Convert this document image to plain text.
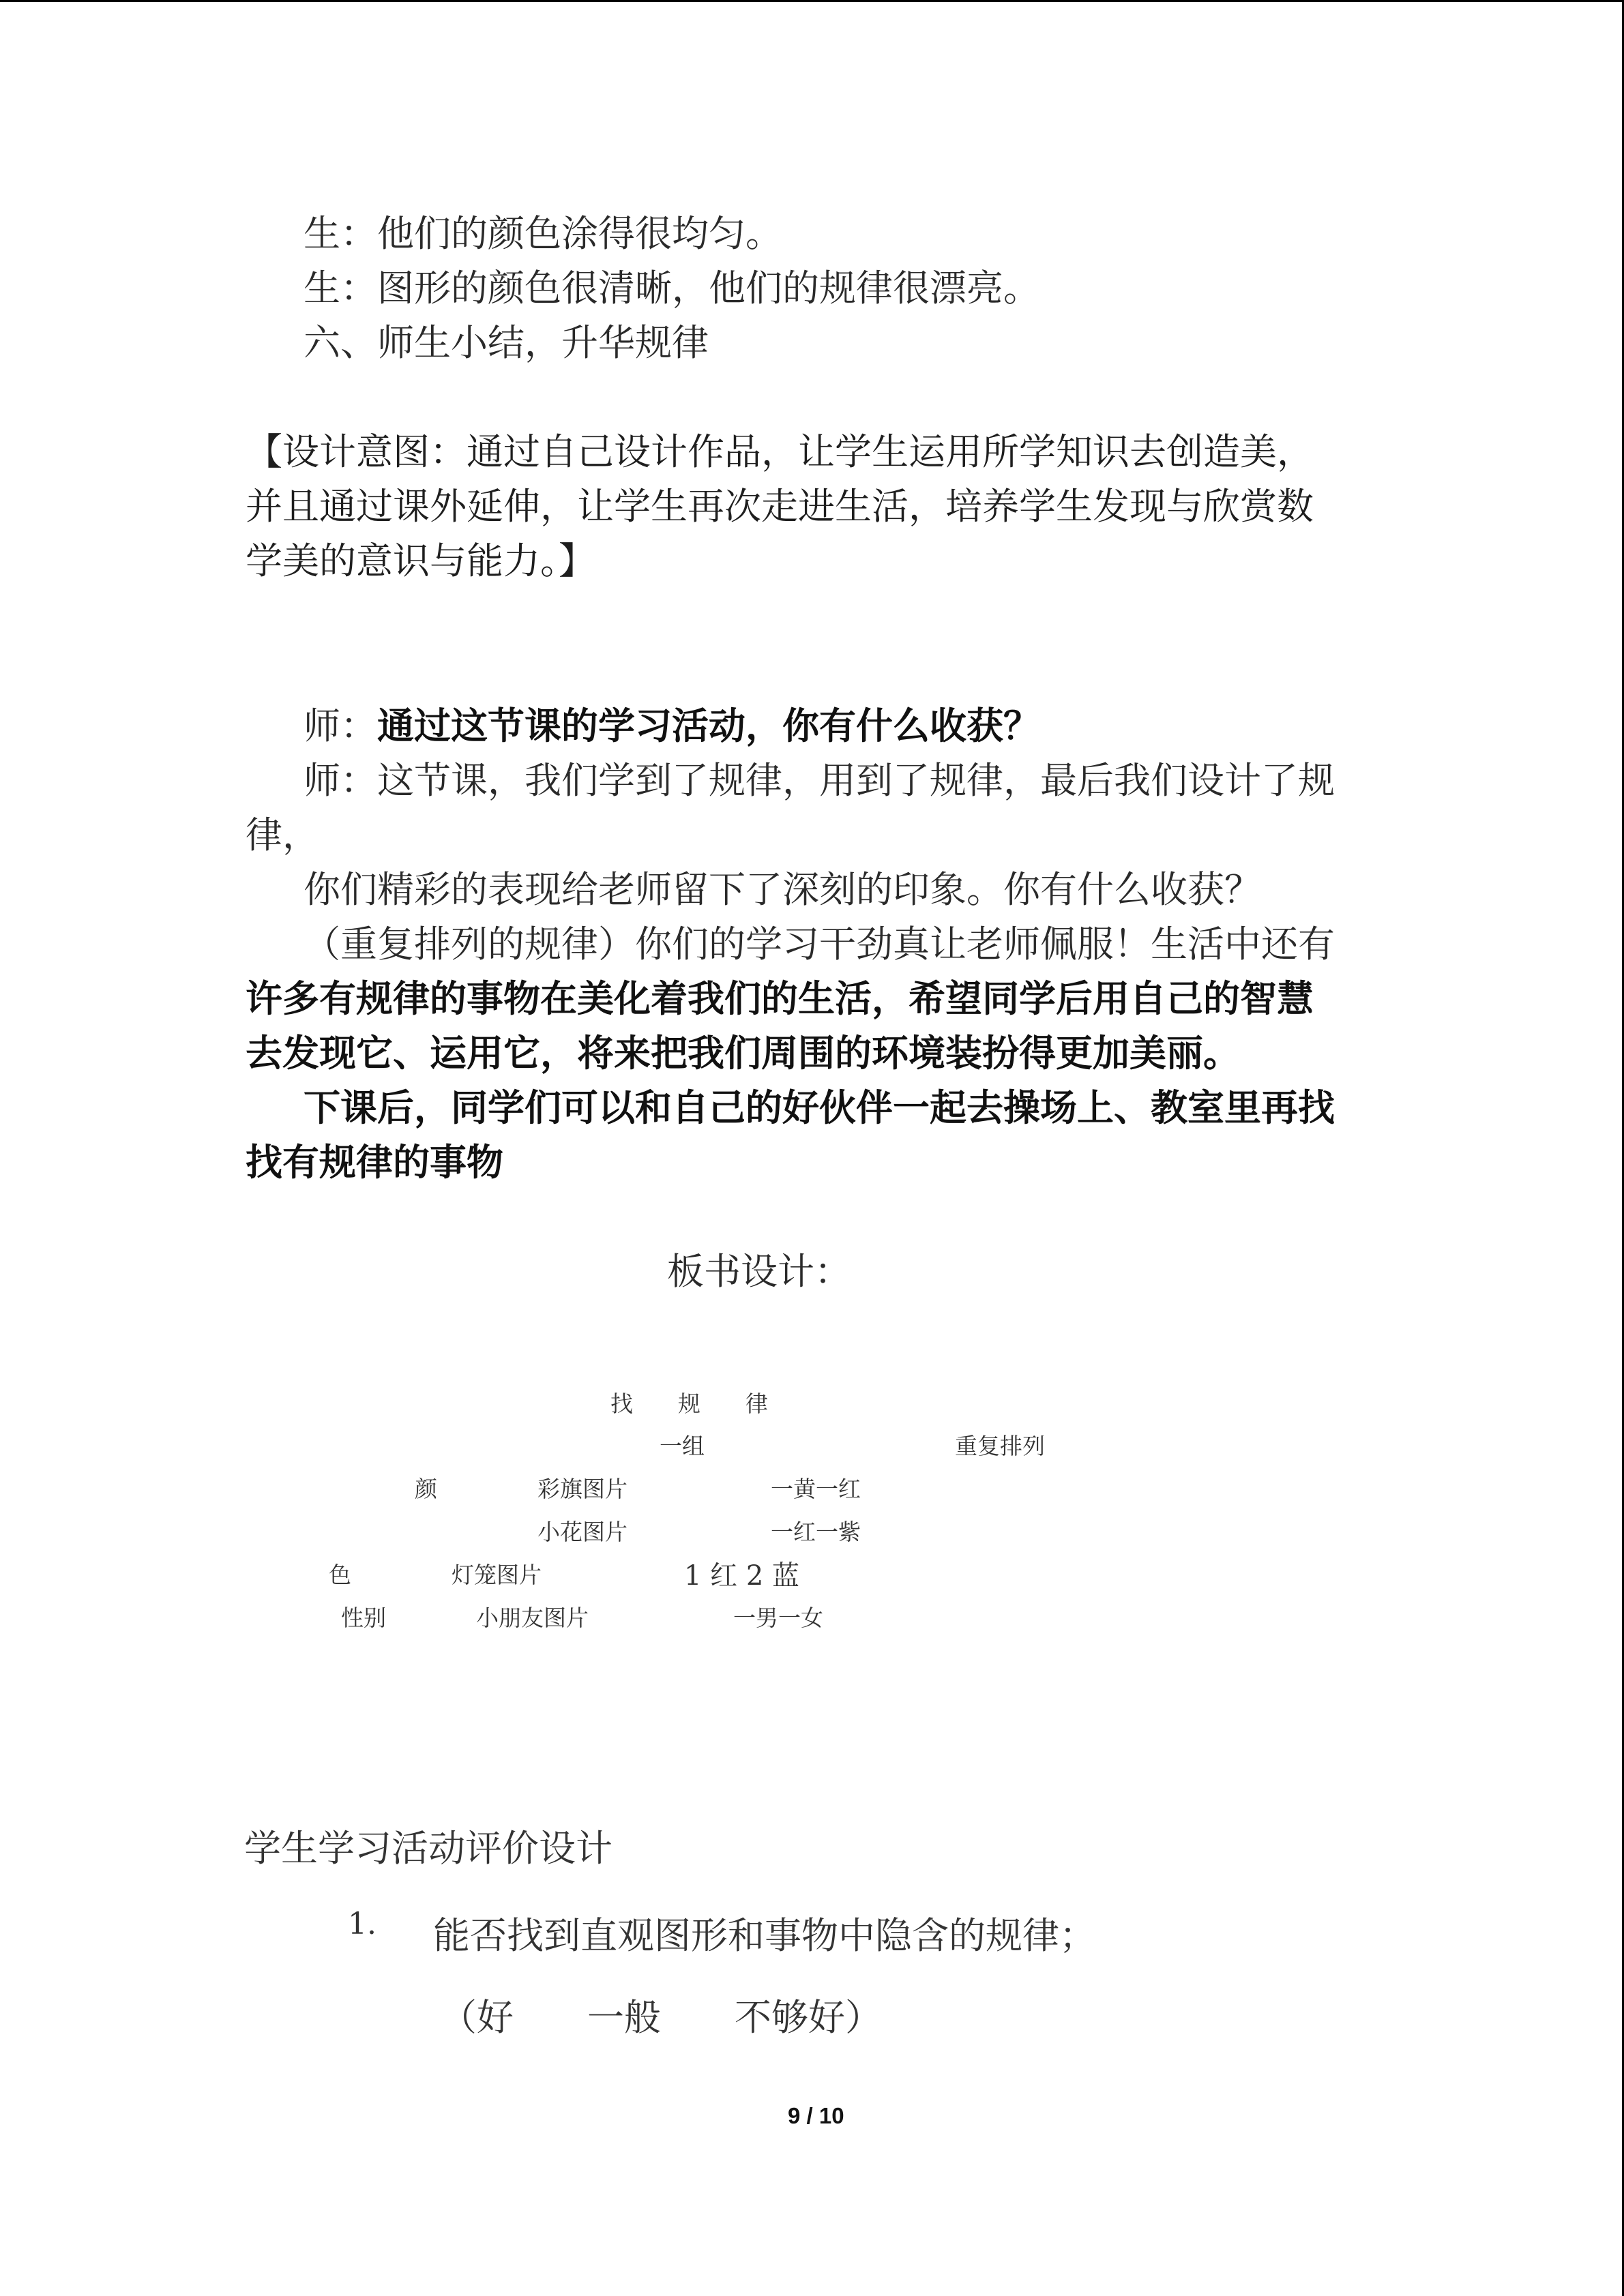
生：他们的颜色涂得很均匀。
生：图形的颜色很清晰，他们的规律很漂亮。
六、师生小结，升华规律
【设计意图：通过自己设计作品，让学生运用所学知识去创造美，
并且通过课外延伸，让学生再次走进生活，培养学生发现与欣赏数
学美的意识与能力。】
师：通过这节课的学习活动，你有什么收获？
师：这节课，我们学到了规律，用到了规律，最后我们设计了规
律，
你们精彩的表现给老师留下了深刻的印象。你有什么收获？
（重复排列的规律）你们的学习干劲真让老师佩服！生活中还有
许多有规律的事物在美化着我们的生活，希望同学后用自己的智慧
去发现它、运用它，将来把我们周围的环境装扮得更加美丽。
下课后，同学们可以和自己的好伙伴一起去操场上、教室里再找
找有规律的事物
板书设计：
找　　规　　律
一组	重复排列
颜	彩旗图片	一黄一红
小花图片	一红一紫
色	灯笼图片	1 红 2 蓝
性别	小朋友图片	一男一女
学生学习活动评价设计
1. 能否找到直观图形和事物中隐含的规律；
（好　　一般　　不够好）
9 / 10
